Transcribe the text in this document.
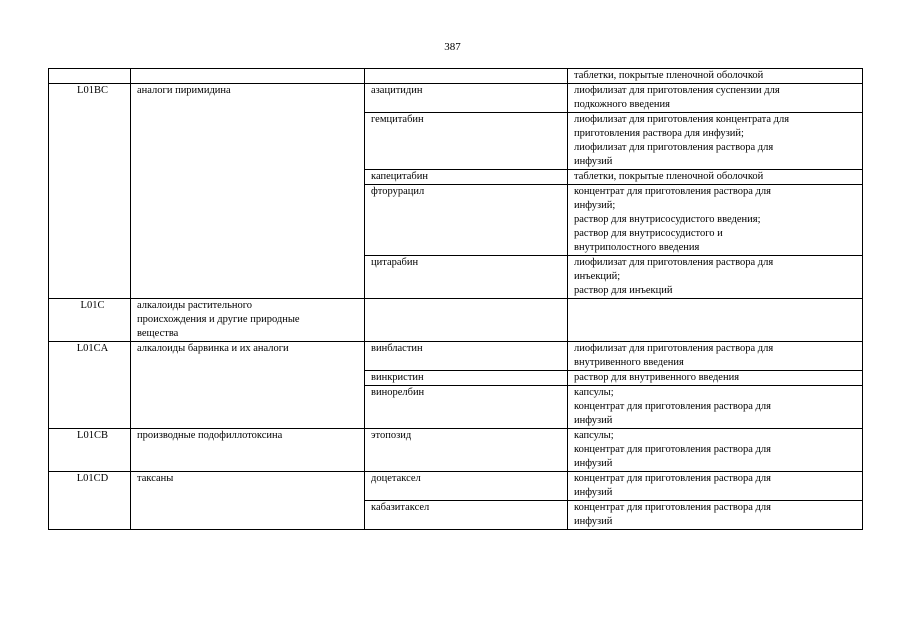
387

			таблетки, покрытые пленочной оболочкой

L01BC	аналоги пиримидина	азацитидин	лиофилизат для приготовления суспензии для
подкожного введения

		гемцитабин	лиофилизат для приготовления концентрата для
приготовления раствора для инфузий;
лиофилизат для приготовления раствора для
инфузий

		капецитабин	таблетки, покрытые пленочной оболочкой

		фторурацил	концентрат для приготовления раствора для
инфузий;
раствор для внутрисосудистого введения;
раствор для внутрисосудистого и
внутриполостного введения

		цитарабин	лиофилизат для приготовления раствора для
инъекций;
раствор для инъекций

L01C	алкалоиды растительного
происхождения и другие природные
вещества		

L01CA	алкалоиды барвинка и их аналоги	винбластин	лиофилизат для приготовления раствора для
внутривенного введения

		винкристин	раствор для внутривенного введения

		винорелбин	капсулы;
концентрат для приготовления раствора для
инфузий

L01CB	производные подофиллотоксина	этопозид	капсулы;
концентрат для приготовления раствора для
инфузий

L01CD	таксаны	доцетаксел	концентрат для приготовления раствора для
инфузий

		кабазитаксел	концентрат для приготовления раствора для
инфузий
